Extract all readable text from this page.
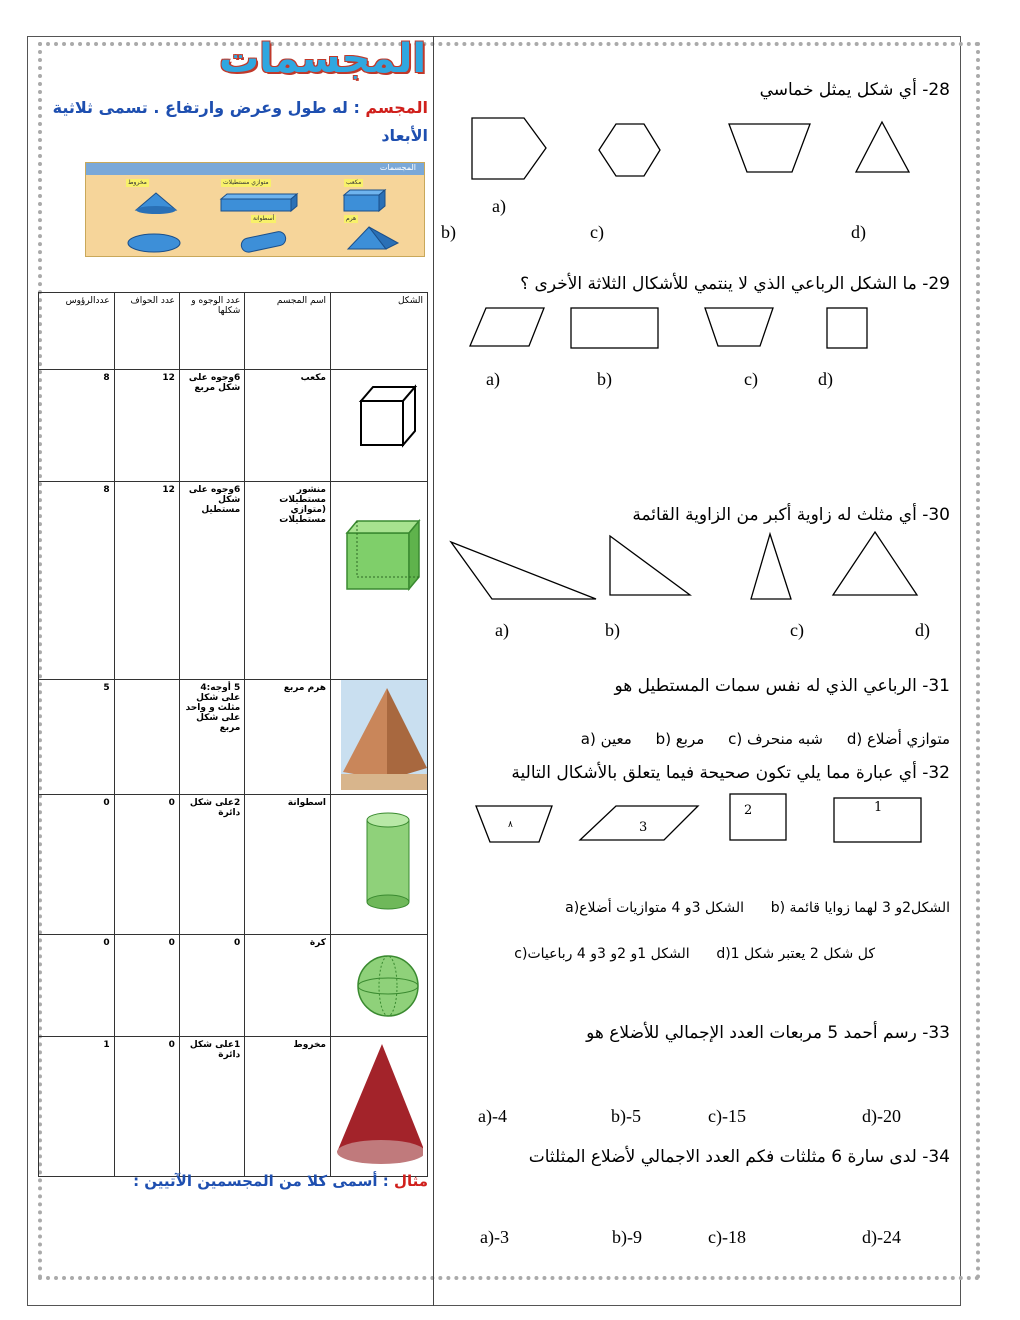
المجسمات
المجسم : له طول وعرض وارتفاع . تسمى ثلاثية الأبعاد
المجسمات
مكعب
متوازي مستطيلات
مخروط
أسطوانة	هرم
الشكل	اسم المجسم	عدد الوجوه و شكلها	عدد الحواف	عددالرؤوس
	مكعب	6وجوه على شكل مربع	12	8
	منشور مستطيلات (متوازي مستطيلات	6وجوه على شكل مستطيل	12	8
	هرم مربع	5 أوجه:4 على شكل مثلث و واحد على شكل مربع		5
	اسطوانة	2على شكل دائرة	0	0
	كرة	0	0	0
	مخروط	1على شكل دائرة	0	1
مثال : أسمى كلا من المجسمين الآتيين :
1
2
3
٨
28- أي شكل يمثل خماسي
a)
b)	c)	d)
29- ما الشكل الرباعي الذي لا ينتمي للأشكال الثلاثة الأخرى ؟
a)	b)	c)	d)
30- أي مثلث له زاوية أكبر من الزاوية القائمة
a)	b)	c)	d)
31- الرباعي الذي له نفس سمات المستطيل هو
متوازي أضلاع (d     شبه منحرف (c     مربع (b     معين (a
32- أي عبارة مما يلي تكون صحيحة فيما يتعلق بالأشكال التالية
الشكل2و 3 لهما زوايا قائمة (b      الشكل 3و 4 متوازيات أضلاع(a
كل شكل 2 يعتبر شكل d)1      الشكل 1و 2و 3و 4 رباعيات(c
33- رسم أحمد 5 مربعات العدد الإجمالي للأضلاع هو
a)-4	b)-5	c)-15	d)-20
34- لدى سارة 6 مثلثات فكم العدد الاجمالي لأضلاع المثلثات
a)-3	b)-9	c)-18	d)-24
